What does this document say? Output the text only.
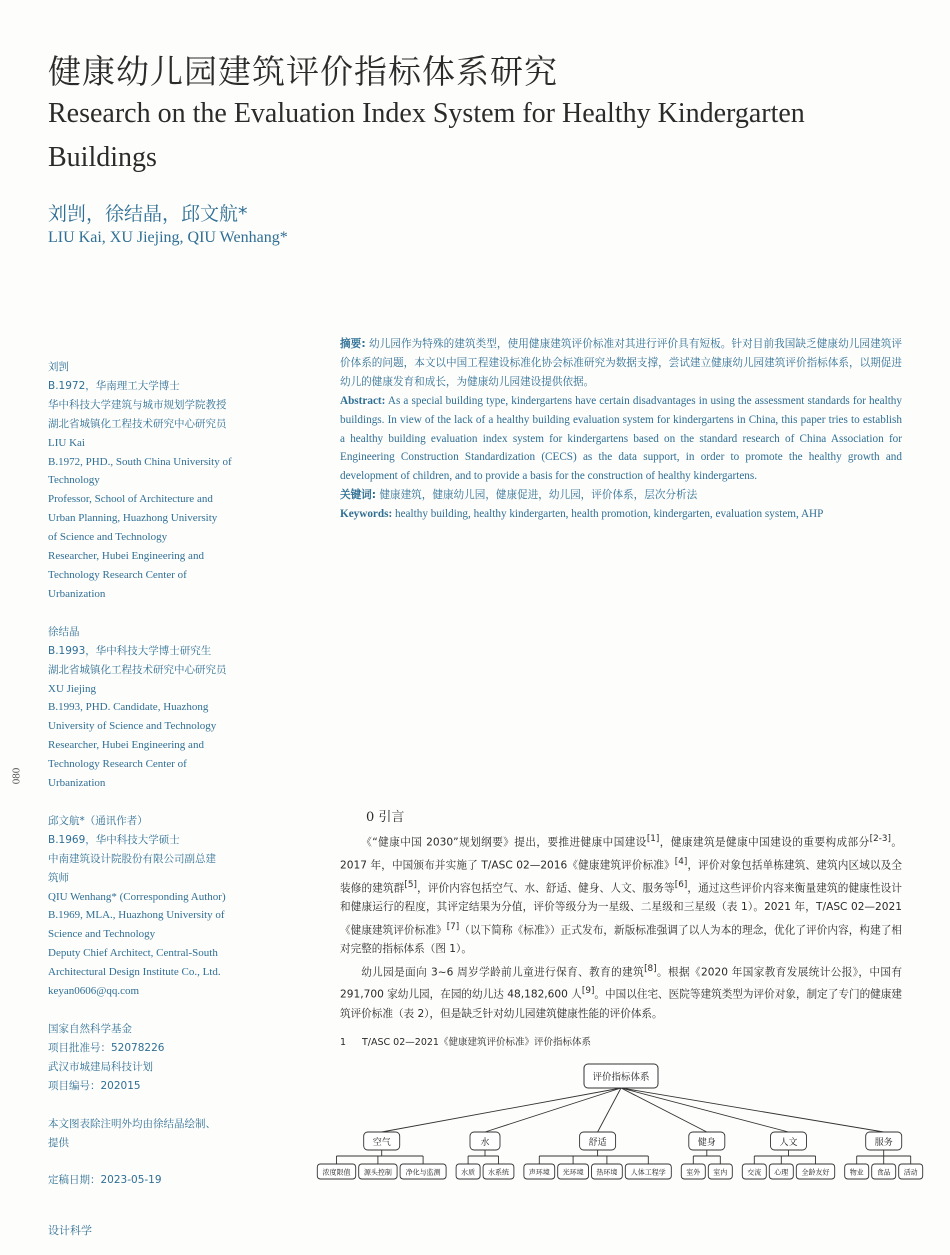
健康幼儿园建筑评价指标体系研究
Research on the Evaluation Index System for Healthy Kindergarten Buildings
刘剀，徐结晶，邱文航*
LIU Kai, XU Jiejing, QIU Wenhang*
刘剀
B.1972，华南理工大学博士
华中科技大学建筑与城市规划学院教授
湖北省城镇化工程技术研究中心研究员
LIU Kai
B.1972, PHD., South China University of
Technology
Professor, School of Architecture and
Urban Planning, Huazhong University
of Science and Technology
Researcher, Hubei Engineering and
Technology Research Center of
Urbanization
徐结晶
B.1993，华中科技大学博士研究生
湖北省城镇化工程技术研究中心研究员
XU Jiejing
B.1993, PHD. Candidate, Huazhong
University of Science and Technology
Researcher, Hubei Engineering and
Technology Research Center of
Urbanization
邱文航*（通讯作者）
B.1969，华中科技大学硕士
中南建筑设计院股份有限公司副总建
筑师
QIU Wenhang* (Corresponding Author)
B.1969, MLA., Huazhong University of
Science and Technology
Deputy Chief Architect, Central-South
Architectural Design Institute Co., Ltd.
keyan0606@qq.com
国家自然科学基金
项目批准号：52078226
武汉市城建局科技计划
项目编号：202015
本文图表除注明外均由徐结晶绘制、
提供
定稿日期：2023-05-19
080
设计科学

摘要: 幼儿园作为特殊的建筑类型，使用健康建筑评价标准对其进行评价具有短板。针对目前我国缺乏健康幼儿园建筑评价体系的问题，本文以中国工程建设标准化协会标准研究为数据支撑，尝试建立健康幼儿园建筑评价指标体系，以期促进幼儿的健康发育和成长，为健康幼儿园建设提供依据。

Abstract: As a special building type, kindergartens have certain disadvantages in using the assessment standards for healthy buildings. In view of the lack of a healthy building evaluation system for kindergartens in China, this paper tries to establish a healthy building evaluation index system for kindergartens based on the standard research of China Association for Engineering Construction Standardization (CECS) as the data support, in order to promote the healthy growth and development of children, and to provide a basis for the construction of healthy kindergartens.

关键词: 健康建筑，健康幼儿园，健康促进，幼儿园，评价体系，层次分析法

Keywords: healthy building, healthy kindergarten, health promotion, kindergarten, evaluation system, AHP

0 引言

《“健康中国 2030”规划纲要》提出，要推进健康中国建设[1]，健康建筑是健康中国建设的重要构成部分[2-3]。2017 年，中国颁布并实施了 T/ASC 02—2016《健康建筑评价标准》[4]，评价对象包括单栋建筑、建筑内区域以及全装修的建筑群[5]，评价内容包括空气、水、舒适、健身、人文、服务等[6]，通过这些评价内容来衡量建筑的健康性设计和健康运行的程度，其评定结果为分值，评价等级分为一星级、二星级和三星级（表 1）。2021 年，T/ASC 02—2021《健康建筑评价标准》[7]（以下简称《标准》）正式发布，新版标准强调了以人为本的理念，优化了评价内容，构建了相对完整的指标体系（图 1）。

幼儿园是面向 3~6 周岁学龄前儿童进行保育、教育的建筑[8]。根据《2020 年国家教育发展统计公报》，中国有 291,700 家幼儿园，在园的幼儿达 48,182,600 人[9]。中国以住宅、医院等建筑类型为评价对象，制定了专门的健康建筑评价标准（表 2），但是缺乏针对幼儿园建筑健康性能的评价体系。

1 T/ASC 02—2021《健康建筑评价标准》评价指标体系
空气
浓度限值 源头控制 净化与监测
水
水质 水系统
舒适
声环境 光环境 热环境 人体工程学
健身
室外 室内
人文
交流 心理 全龄友好
服务
物业 食品 活动
评价指标体系
